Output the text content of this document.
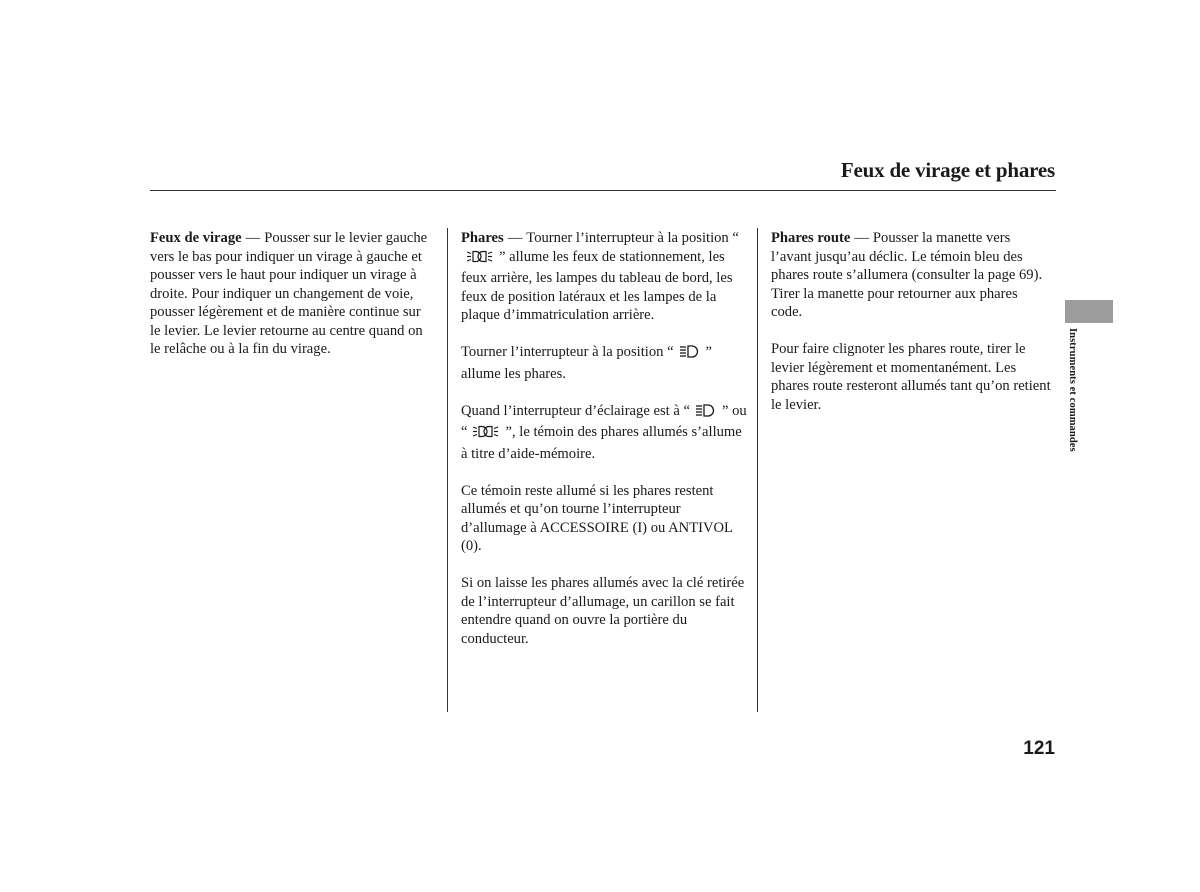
Feux de virage et phares

Feux de virage — Pousser sur le levier gauche vers le bas pour indiquer un virage à gauche et pousser vers le haut pour indiquer un virage à droite. Pour indiquer un changement de voie, pousser légèrement et de manière continue sur le levier. Le levier retourne au centre quand on le relâche ou à la fin du virage.

Phares — Tourner l’interrupteur à la position “” allume les feux de stationnement, les feux arrière, les lampes du tableau de bord, les feux de position latéraux et les lampes de la plaque d’immatriculation arrière.

Tourner l’interrupteur à la position “ ” allume les phares.

Quand l’interrupteur d’éclairage est à “ ” ou “	”, le témoin des phares allumés s’allume à titre d’aide-mémoire.

Ce témoin reste allumé si les phares restent allumés et qu’on tourne l’interrupteur d’allumage à ACCESSOIRE (I) ou ANTIVOL (0).

Si on laisse les phares allumés avec la clé retirée de l’interrupteur d’allumage, un carillon se fait entendre quand on ouvre la portière du conducteur.

Phares route — Pousser la manette vers l’avant jusqu’au déclic. Le témoin bleu des phares route s’allumera (consulter la page 69). Tirer la manette pour retourner aux phares code.

Pour faire clignoter les phares route, tirer le levier légèrement et momentanément. Les phares route resteront allumés tant qu’on retient le levier.	Instruments et commandes
121
